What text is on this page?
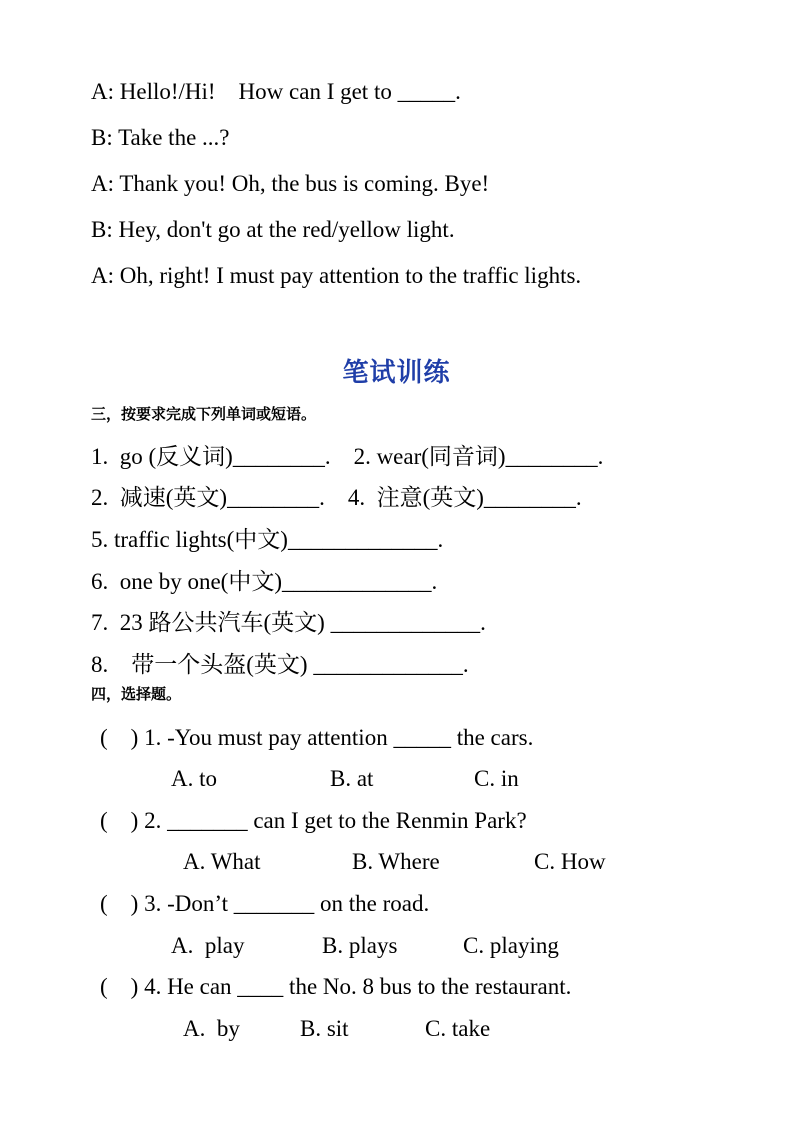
A: Hello!/Hi!    How can I get to _____.
B: Take the ...?
A: Thank you! Oh, the bus is coming. Bye!
B: Hey, don't go at the red/yellow light.
A: Oh, right! I must pay attention to the traffic lights.
笔试训练
三，按要求完成下列单词或短语。
1.  go (反义词)________.    2. wear(同音词)________.
2.  减速(英文)________.    4.  注意(英文)________.
5. traffic lights(中文)_____________.
6.  one by one(中文)_____________.
7.  23 路公共汽车(英文) _____________.
8.    带一个头盔(英文) _____________.
四，选择题。
(    ) 1. -You must pay attention _____ the cars.
A. to	B. at	C. in
(    ) 2. _______ can I get to the Renmin Park?
A. What	B. Where	C. How
(    ) 3. -Don’t _______ on the road.
A.  play	B. plays	C. playing
(    ) 4. He can ____ the No. 8 bus to the restaurant.
A.  by	B. sit	C. take
